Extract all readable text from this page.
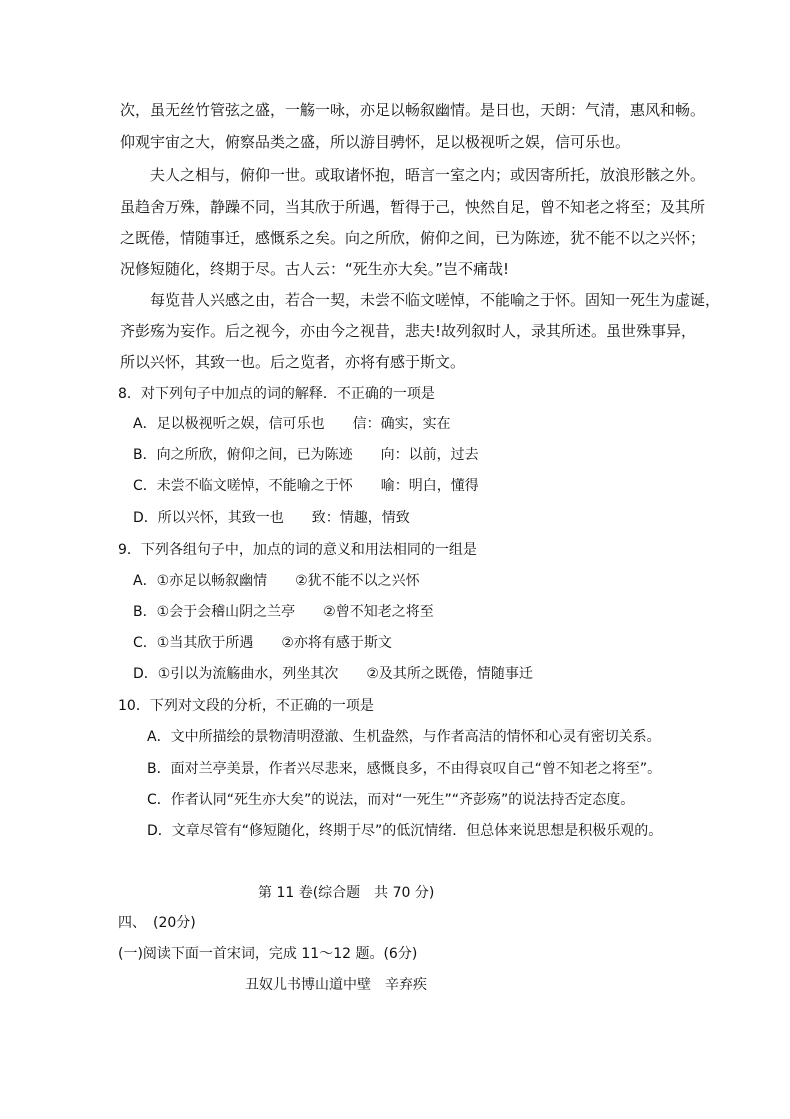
次，虽无丝竹管弦之盛，一觞一咏，亦足以畅叙幽情。是日也，天朗：气清，惠风和畅。
仰观宇宙之大，俯察品类之盛，所以游目骋怀，足以极视听之娱，信可乐也。
夫人之相与，俯仰一世。或取诸怀抱，晤言一室之内；或因寄所托，放浪形骸之外。
虽趋舍万殊，静躁不同，当其欣于所遇，暂得于己，怏然自足，曾不知老之将至；及其所
之既倦，情随事迁，感慨系之矣。向之所欣，俯仰之间，已为陈迹，犹不能不以之兴怀；
况修短随化，终期于尽。古人云：“死生亦大矣。”岂不痛哉!
每览昔人兴感之由，若合一契，未尝不临文嗟悼，不能喻之于怀。固知一死生为虚诞，
齐彭殇为妄作。后之视今，亦由今之视昔，悲夫!故列叙时人，录其所述。虽世殊事异，
所以兴怀，其致一也。后之览者，亦将有感于斯文。
8．对下列句子中加点的词的解释．不正确的一项是
A．足以极视听之娱，信可乐也　　信：确实，实在
B．向之所欣，俯仰之间，已为陈迹　　向：以前，过去
C．未尝不临文嗟悼，不能喻之于怀　　喻：明白，懂得
D．所以兴怀，其致一也　　致：情趣，情致
9．下列各组句子中，加点的词的意义和用法相同的一组是
A．①亦足以畅叙幽情　　②犹不能不以之兴怀
B．①会于会稽山阴之兰亭　　②曾不知老之将至
C．①当其欣于所遇　　②亦将有感于斯文
D．①引以为流觞曲水，列坐其次　　②及其所之既倦，情随事迁
10．下列对文段的分析，不正确的一项是
A．文中所描绘的景物清明澄澈、生机盎然，与作者高洁的情怀和心灵有密切关系。
B．面对兰亭美景，作者兴尽悲来，感慨良多，不由得哀叹自己“曾不知老之将至”。
C．作者认同“死生亦大矣”的说法，而对“一死生”“齐彭殇”的说法持否定态度。
D．文章尽管有“修短随化，终期于尽”的低沉情绪．但总体来说思想是积极乐观的。
第 11 卷(综合题　共 70 分)
四、　(20分)
(一)阅读下面一首宋词，完成 11～12 题。(6分)
丑奴儿书博山道中壁　辛弃疾
